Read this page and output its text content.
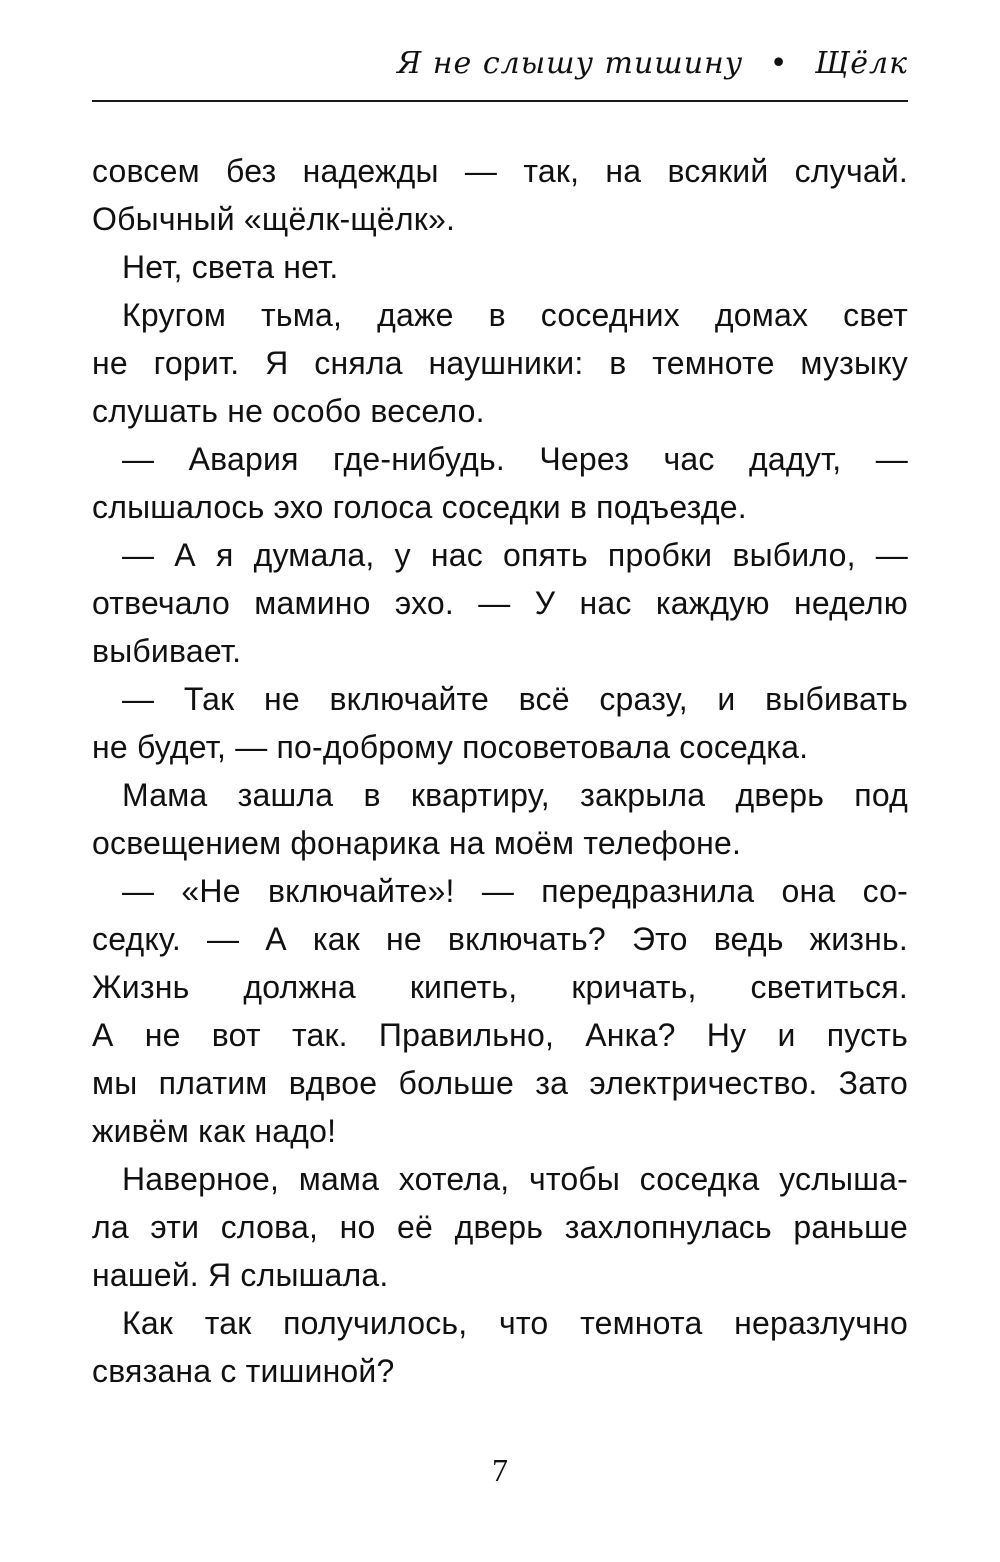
Я не слышу тишину • Щёлк
совсем без надежды — так, на всякий случай.
Обычный «щёлк-щёлк».
Нет, света нет.
Кругом тьма, даже в соседних домах свет
не горит. Я сняла наушники: в темноте музыку
слушать не особо весело.
— Авария где-нибудь. Через час дадут, —
слышалось эхо голоса соседки в подъезде.
— А я думала, у нас опять пробки выбило, —
отвечало мамино эхо. — У нас каждую неделю
выбивает.
— Так не включайте всё сразу, и выбивать
не будет, — по-доброму посоветовала соседка.
Мама зашла в квартиру, закрыла дверь под
освещением фонарика на моём телефоне.
— «Не включайте»! — передразнила она со-
седку. — А как не включать? Это ведь жизнь.
Жизнь должна кипеть, кричать, светиться.
А не вот так. Правильно, Анка? Ну и пусть
мы платим вдвое больше за электричество. Зато
живём как надо!
Наверное, мама хотела, чтобы соседка услыша-
ла эти слова, но её дверь захлопнулась раньше
нашей. Я слышала.
Как так получилось, что темнота неразлучно
связана с тишиной?
7
